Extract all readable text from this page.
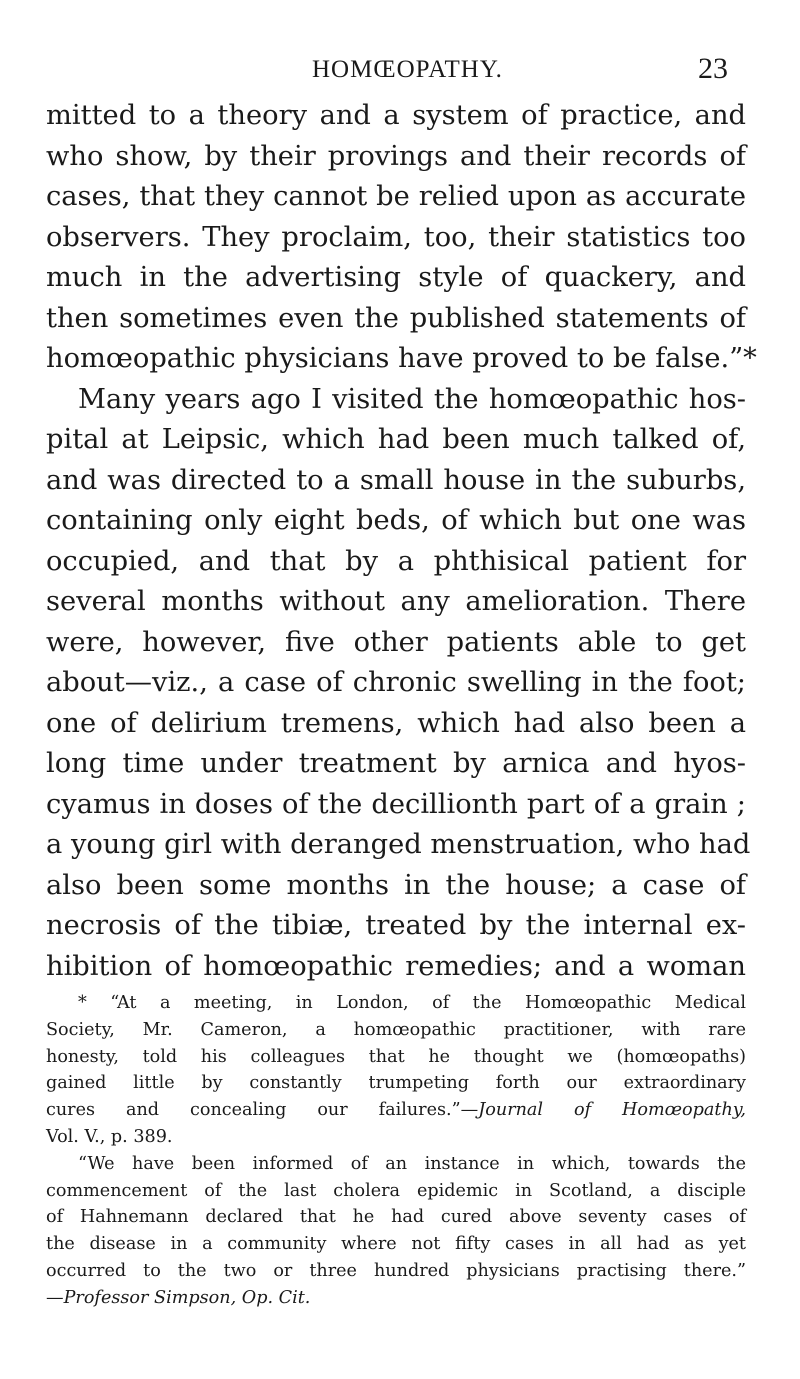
HOMŒOPATHY.	23
mitted to a theory and a system of practice, and
who show, by their provings and their records of
cases, that they cannot be relied upon as accurate
observers. They proclaim, too, their statistics too
much in the advertising style of quackery, and
then sometimes even the published statements of
homœopathic physicians have proved to be false.”*
Many years ago I visited the homœopathic hos-
pital at Leipsic, which had been much talked of,
and was directed to a small house in the suburbs,
containing only eight beds, of which but one was
occupied, and that by a phthisical patient for
several months without any amelioration. There
were, however, five other patients able to get
about—viz., a case of chronic swelling in the foot;
one of delirium tremens, which had also been a
long time under treatment by arnica and hyos-
cyamus in doses of the decillionth part of a grain ;
a young girl with deranged menstruation, who had
also been some months in the house; a case of
necrosis of the tibiæ, treated by the internal ex-
hibition of homœopathic remedies; and a woman
* “At a meeting, in London, of the Homœopathic Medical
Society, Mr. Cameron, a homœopathic practitioner, with rare
honesty, told his colleagues that he thought we (homœopaths)
gained little by constantly trumpeting forth our extraordinary
cures and concealing our failures.”—Journal of Homœopathy,
Vol. V., p. 389.
“We have been informed of an instance in which, towards the
commencement of the last cholera epidemic in Scotland, a disciple
of Hahnemann declared that he had cured above seventy cases of
the disease in a community where not fifty cases in all had as yet
occurred to the two or three hundred physicians practising there.”
—Professor Simpson, Op. Cit.
